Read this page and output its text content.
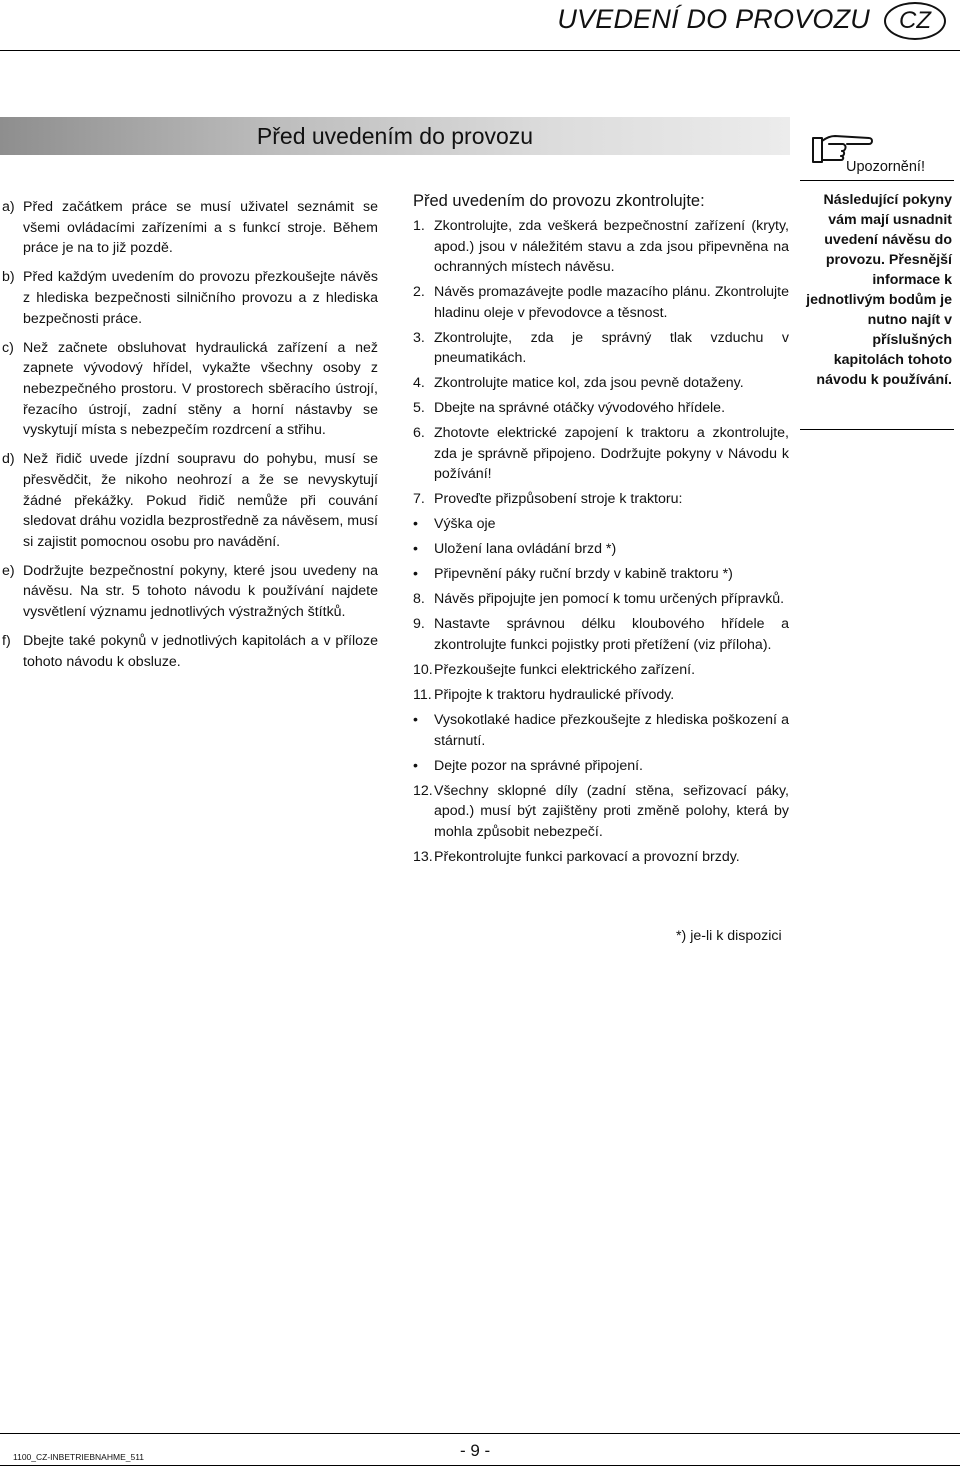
UVEDENÍ DO PROVOZU	CZ
Před uvedením do provozu
a) Před začátkem práce se musí uživatel seznámit se všemi ovládacími zařízeními a s funkcí stroje. Během práce je na to již pozdě.
b) Před každým uvedením do provozu přezkoušejte návěs z hlediska bezpečnosti silničního provozu a z hlediska bezpečnosti práce.
c) Než začnete obsluhovat hydraulická zařízení a než zapnete vývodový hřídel, vykažte všechny osoby z nebezpečného prostoru. V prostorech sběracího ústrojí, řezacího ústrojí, zadní stěny a horní nástavby se vyskytují místa s nebezpečím rozdrcení a střihu.
d) Než řidič uvede jízdní soupravu do pohybu, musí se přesvědčit, že nikoho neohrozí a že se nevyskytují žádné překážky. Pokud řidič nemůže při couvání sledovat dráhu vozidla bezprostředně za návěsem, musí si zajistit pomocnou osobu pro navádění.
e) Dodržujte bezpečnostní pokyny, které jsou uvedeny na návěsu. Na str. 5 tohoto návodu k používání najdete vysvětlení významu jednotlivých výstražných štítků.
f) Dbejte také pokynů v jednotlivých kapitolách a v příloze tohoto návodu k obsluze.
Před uvedením do provozu zkontrolujte:
1. Zkontrolujte, zda veškerá bezpečnostní zařízení (kryty, apod.) jsou v náležitém stavu a zda jsou připevněna na ochranných místech návěsu.
2. Návěs promazávejte podle mazacího plánu. Zkontrolujte hladinu oleje v převodovce a těsnost.
3. Zkontrolujte, zda je správný tlak vzduchu v pneumatikách.
4. Zkontrolujte matice kol, zda jsou pevně dotaženy.
5. Dbejte na správné otáčky vývodového hřídele.
6. Zhotovte elektrické zapojení k traktoru a zkontrolujte, zda je správně připojeno. Dodržujte pokyny v Návodu k požívání!
7. Proveďte přizpůsobení stroje k traktoru:
• Výška oje
• Uložení lana ovládání brzd *)
• Připevnění páky ruční brzdy v kabině traktoru *)
8. Návěs připojujte jen pomocí k tomu určených přípravků.
9. Nastavte správnou délku kloubového hřídele a zkontrolujte funkci pojistky proti přetížení (viz příloha).
10. Přezkoušejte funkci elektrického zařízení.
11. Připojte k traktoru hydraulické přívody.
• Vysokotlaké hadice přezkoušejte z hlediska poškození a stárnutí.
• Dejte pozor na správné připojení.
12. Všechny sklopné díly (zadní stěna, seřizovací páky, apod.) musí být zajištěny proti změně polohy, která by mohla způsobit nebezpečí.
13. Překontrolujte funkci parkovací a provozní brzdy.
Upozornění!
Následující pokyny vám mají usnadnit uvedení návěsu do provozu. Přesnější informace k jednotlivým bodům je nutno najít v příslušných kapitolách tohoto návodu k používání.
*) je-li k dispozici
1100_CZ-INBETRIEBNAHME_511	- 9 -
